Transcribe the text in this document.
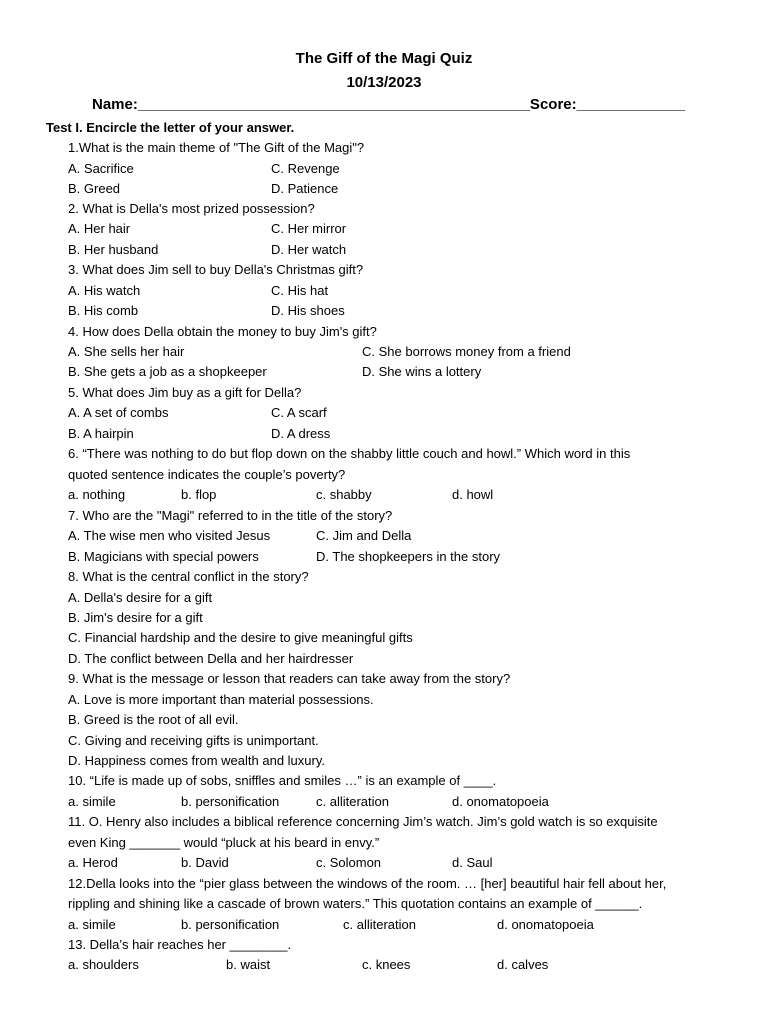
The Giff of the Magi Quiz
10/13/2023
Name:_______________________________________________Score:_____________
Test I. Encircle the letter of your answer.
1.What is the main theme of "The Gift of the Magi"?
A. Sacrifice	C. Revenge
B. Greed	D. Patience
2. What is Della's most prized possession?
A. Her hair	C. Her mirror
B. Her husband	D. Her watch
3. What does Jim sell to buy Della's Christmas gift?
A. His watch	C. His hat
B. His comb	D. His shoes
4. How does Della obtain the money to buy Jim's gift?
A. She sells her hair	C. She borrows money from a friend
B. She gets a job as a shopkeeper	D. She wins a lottery
5. What does Jim buy as a gift for Della?
A. A set of combs	C. A scarf
B. A hairpin	D. A dress
6. “There was nothing to do but flop down on the shabby little couch and howl.” Which word in this
quoted sentence indicates the couple’s poverty?
a. nothing	b. flop	c. shabby	d. howl
7. Who are the "Magi" referred to in the title of the story?
A. The wise men who visited Jesus	C. Jim and Della
B. Magicians with special powers	D. The shopkeepers in the story
8. What is the central conflict in the story?
A. Della's desire for a gift
B. Jim's desire for a gift
C. Financial hardship and the desire to give meaningful gifts
D. The conflict between Della and her hairdresser
9. What is the message or lesson that readers can take away from the story?
A. Love is more important than material possessions.
B. Greed is the root of all evil.
C. Giving and receiving gifts is unimportant.
D. Happiness comes from wealth and luxury.
10. “Life is made up of sobs, sniffles and smiles …” is an example of ____.
a. simile	b. personification	c. alliteration	d. onomatopoeia
11. O. Henry also includes a biblical reference concerning Jim’s watch. Jim’s gold watch is so exquisite
even King _______ would “pluck at his beard in envy.”
a. Herod	b. David	c. Solomon	d. Saul
12.Della looks into the “pier glass between the windows of the room. … [her] beautiful hair fell about her,
rippling and shining like a cascade of brown waters.” This quotation contains an example of ______.
a. simile	b. personification	c. alliteration	d. onomatopoeia
13. Della’s hair reaches her ________.
a. shoulders	b. waist	c. knees	d. calves
